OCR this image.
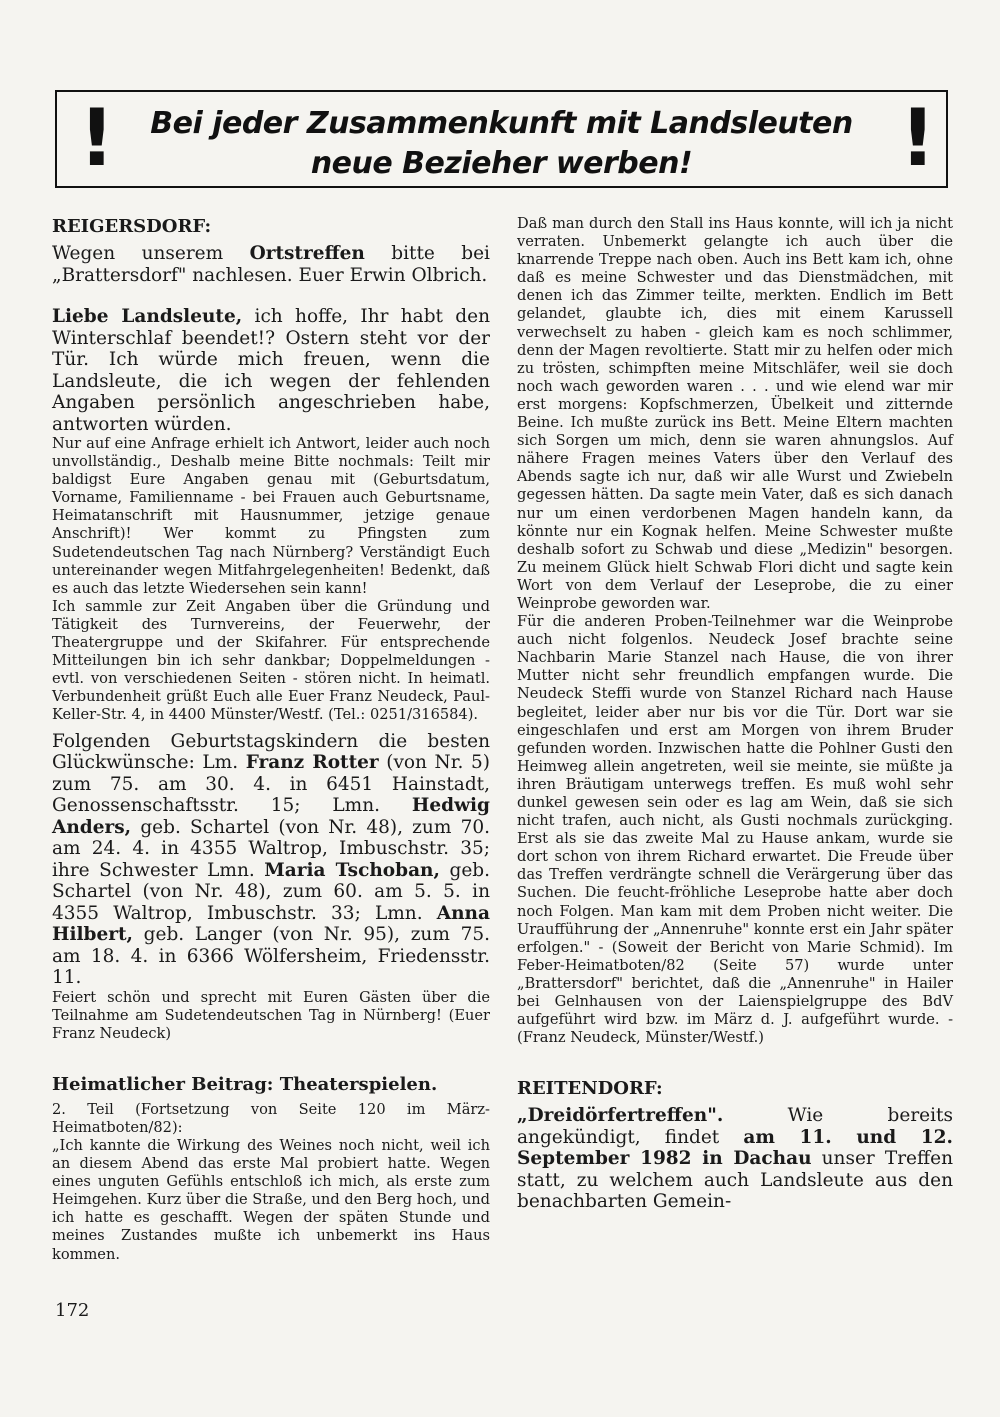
!	Bei jeder Zusammenkunft mit Landsleuten
neue Bezieher werben!	!
REIGERSDORF:

Wegen unserem Ortstreffen bitte bei „Brattersdorf" nachlesen. Euer Erwin Olbrich.

Liebe Landsleute, ich hoffe, Ihr habt den Winterschlaf beendet!? Ostern steht vor der Tür. Ich würde mich freuen, wenn die Landsleute, die ich wegen der fehlenden Angaben persönlich angeschrieben habe, antworten würden.

Nur auf eine Anfrage erhielt ich Antwort, leider auch noch unvollständig., Deshalb meine Bitte nochmals: Teilt mir baldigst Eure Angaben genau mit (Geburtsdatum, Vorname, Familienname - bei Frauen auch Geburtsname, Heimatanschrift mit Hausnummer, jetzige genaue Anschrift)! Wer kommt zu Pfingsten zum Sudetendeutschen Tag nach Nürnberg? Verständigt Euch untereinander wegen Mitfahrgelegenheiten! Bedenkt, daß es auch das letzte Wiedersehen sein kann!

Ich sammle zur Zeit Angaben über die Gründung und Tätigkeit des Turnvereins, der Feuerwehr, der Theatergruppe und der Skifahrer. Für entsprechende Mitteilungen bin ich sehr dankbar; Doppelmeldungen - evtl. von verschiedenen Seiten - stören nicht. In heimatl. Verbundenheit grüßt Euch alle Euer Franz Neudeck, Paul-Keller-Str. 4, in 4400 Münster/Westf. (Tel.: 0251/316584).

Folgenden Geburtstagskindern die besten Glückwünsche: Lm. Franz Rotter (von Nr. 5) zum 75. am 30. 4. in 6451 Hainstadt, Genossenschaftsstr. 15; Lmn. Hedwig Anders, geb. Schartel (von Nr. 48), zum 70. am 24. 4. in 4355 Waltrop, Imbuschstr. 35; ihre Schwester Lmn. Maria Tschoban, geb. Schartel (von Nr. 48), zum 60. am 5. 5. in 4355 Waltrop, Imbuschstr. 33; Lmn. Anna Hilbert, geb. Langer (von Nr. 95), zum 75. am 18. 4. in 6366 Wölfersheim, Friedensstr. 11.

Feiert schön und sprecht mit Euren Gästen über die Teilnahme am Sudetendeutschen Tag in Nürnberg! (Euer Franz Neudeck)

Heimatlicher Beitrag: Theaterspielen.

2. Teil (Fortsetzung von Seite 120 im März-Heimatboten/82):

„Ich kannte die Wirkung des Weines noch nicht, weil ich an diesem Abend das erste Mal probiert hatte. Wegen eines unguten Gefühls entschloß ich mich, als erste zum Heimgehen. Kurz über die Straße, und den Berg hoch, und ich hatte es geschafft. Wegen der späten Stunde und meines Zustandes mußte ich unbemerkt ins Haus kommen.

Daß man durch den Stall ins Haus konnte, will ich ja nicht verraten. Unbemerkt gelangte ich auch über die knarrende Treppe nach oben. Auch ins Bett kam ich, ohne daß es meine Schwester und das Dienstmädchen, mit denen ich das Zimmer teilte, merkten. Endlich im Bett gelandet, glaubte ich, dies mit einem Karussell verwechselt zu haben - gleich kam es noch schlimmer, denn der Magen revoltierte. Statt mir zu helfen oder mich zu trösten, schimpften meine Mitschläfer, weil sie doch noch wach geworden waren . . . und wie elend war mir erst morgens: Kopfschmerzen, Übelkeit und zitternde Beine. Ich mußte zurück ins Bett. Meine Eltern machten sich Sorgen um mich, denn sie waren ahnungslos. Auf nähere Fragen meines Vaters über den Verlauf des Abends sagte ich nur, daß wir alle Wurst und Zwiebeln gegessen hätten. Da sagte mein Vater, daß es sich danach nur um einen verdorbenen Magen handeln kann, da könnte nur ein Kognak helfen. Meine Schwester mußte deshalb sofort zu Schwab und diese „Medizin" besorgen. Zu meinem Glück hielt Schwab Flori dicht und sagte kein Wort von dem Verlauf der Leseprobe, die zu einer Weinprobe geworden war.

Für die anderen Proben-Teilnehmer war die Weinprobe auch nicht folgenlos. Neudeck Josef brachte seine Nachbarin Marie Stanzel nach Hause, die von ihrer Mutter nicht sehr freundlich empfangen wurde. Die Neudeck Steffi wurde von Stanzel Richard nach Hause begleitet, leider aber nur bis vor die Tür. Dort war sie eingeschlafen und erst am Morgen von ihrem Bruder gefunden worden. Inzwischen hatte die Pohlner Gusti den Heimweg allein angetreten, weil sie meinte, sie müßte ja ihren Bräutigam unterwegs treffen. Es muß wohl sehr dunkel gewesen sein oder es lag am Wein, daß sie sich nicht trafen, auch nicht, als Gusti nochmals zurückging. Erst als sie das zweite Mal zu Hause ankam, wurde sie dort schon von ihrem Richard erwartet. Die Freude über das Treffen verdrängte schnell die Verärgerung über das Suchen. Die feucht-fröhliche Leseprobe hatte aber doch noch Folgen. Man kam mit dem Proben nicht weiter. Die Uraufführung der „Annenruhe" konnte erst ein Jahr später erfolgen." - (Soweit der Bericht von Marie Schmid). Im Feber-Heimatboten/82 (Seite 57) wurde unter „Brattersdorf" berichtet, daß die „Annenruhe" in Hailer bei Gelnhausen von der Laienspielgruppe des BdV aufgeführt wird bzw. im März d. J. aufgeführt wurde. - (Franz Neudeck, Münster/Westf.)

REITENDORF:

„Dreidörfertreffen".	Wie bereits angekündigt, findet am 11. und 12. September 1982 in Dachau unser Treffen statt, zu welchem auch Landsleute aus den benachbarten Gemein-

172
